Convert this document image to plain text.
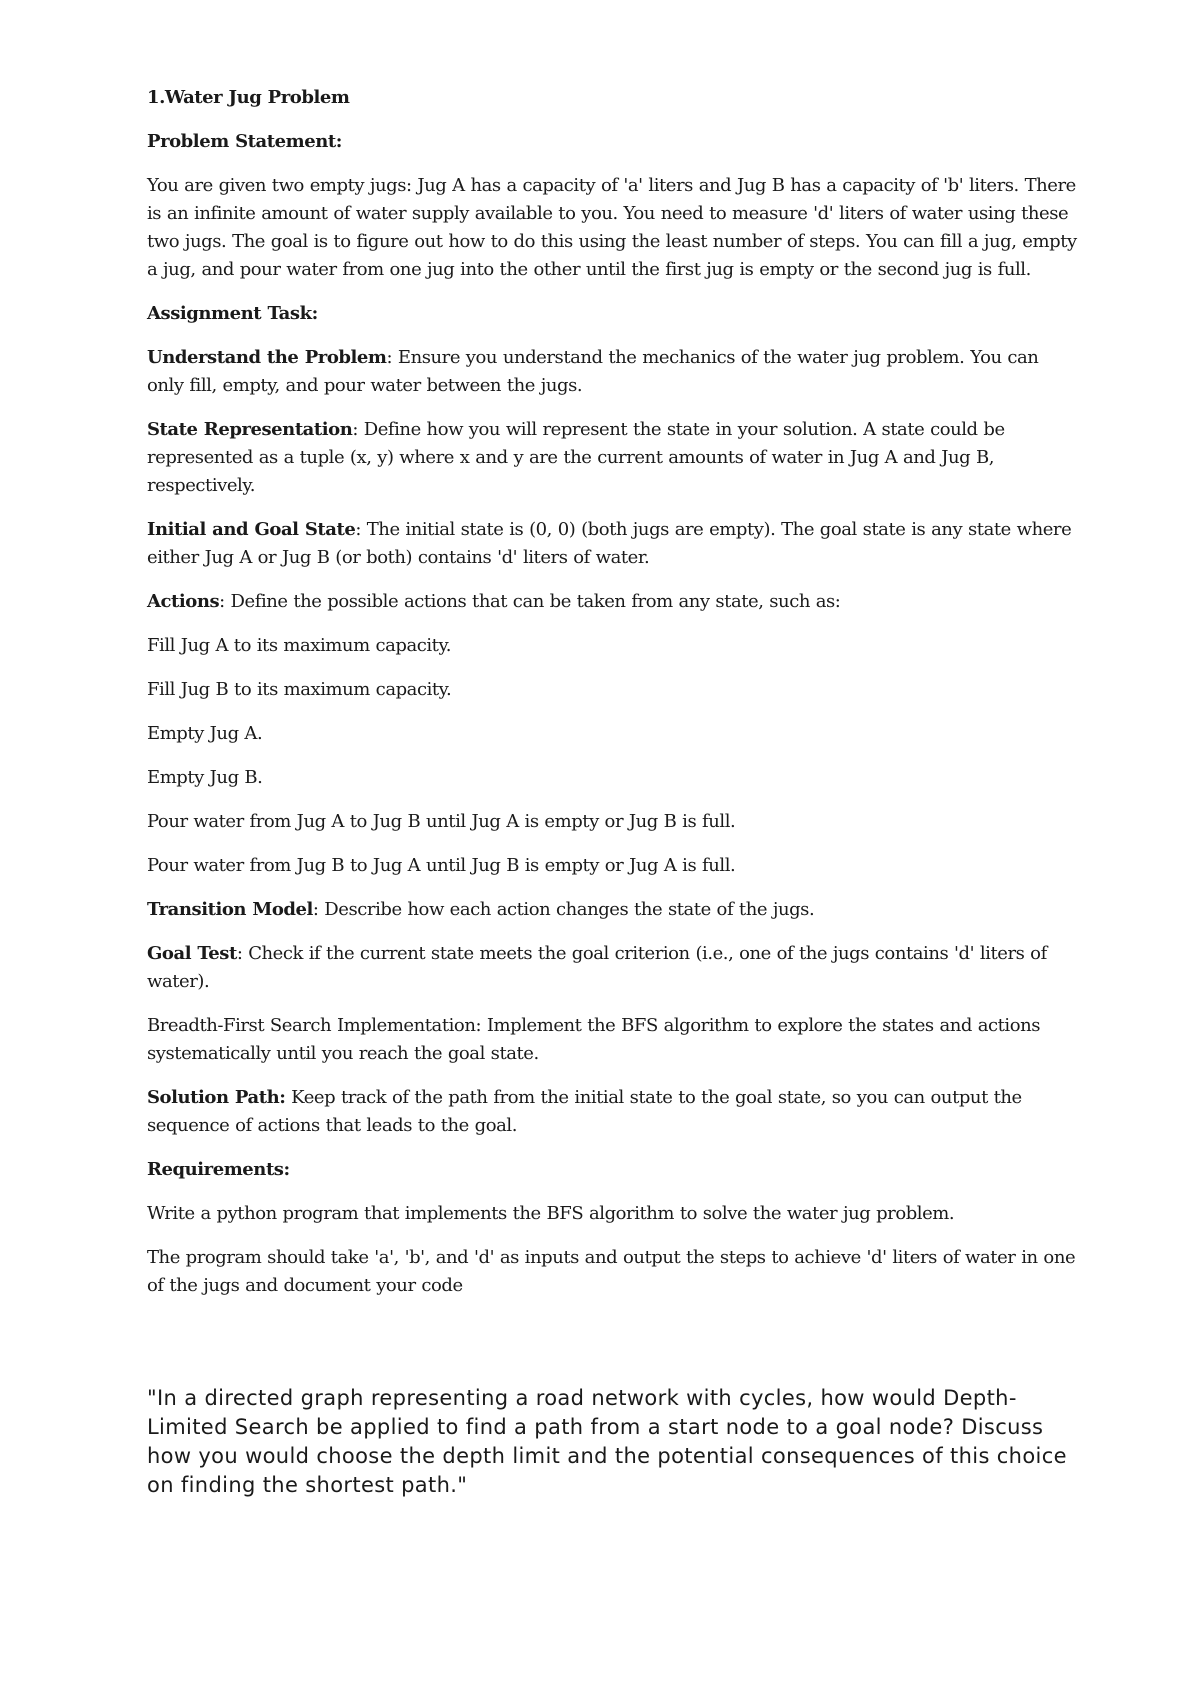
1.Water Jug Problem

Problem Statement:

You are given two empty jugs: Jug A has a capacity of 'a' liters and Jug B has a capacity of 'b' liters. There is an infinite amount of water supply available to you. You need to measure 'd' liters of water using these two jugs. The goal is to figure out how to do this using the least number of steps. You can fill a jug, empty a jug, and pour water from one jug into the other until the first jug is empty or the second jug is full.

Assignment Task:

Understand the Problem: Ensure you understand the mechanics of the water jug problem. You can only fill, empty, and pour water between the jugs.

State Representation: Define how you will represent the state in your solution. A state could be represented as a tuple (x, y) where x and y are the current amounts of water in Jug A and Jug B, respectively.

Initial and Goal State: The initial state is (0, 0) (both jugs are empty). The goal state is any state where either Jug A or Jug B (or both) contains 'd' liters of water.

Actions: Define the possible actions that can be taken from any state, such as:

Fill Jug A to its maximum capacity.

Fill Jug B to its maximum capacity.

Empty Jug A.

Empty Jug B.

Pour water from Jug A to Jug B until Jug A is empty or Jug B is full.

Pour water from Jug B to Jug A until Jug B is empty or Jug A is full.

Transition Model: Describe how each action changes the state of the jugs.

Goal Test: Check if the current state meets the goal criterion (i.e., one of the jugs contains 'd' liters of water).

Breadth-First Search Implementation: Implement the BFS algorithm to explore the states and actions systematically until you reach the goal state.

Solution Path: Keep track of the path from the initial state to the goal state, so you can output the sequence of actions that leads to the goal.

Requirements:

Write a python program that implements the BFS algorithm to solve the water jug problem.

The program should take 'a', 'b', and 'd' as inputs and output the steps to achieve 'd' liters of water in one of the jugs and document your code

"In a directed graph representing a road network with cycles, how would Depth-Limited Search be applied to find a path from a start node to a goal node? Discuss how you would choose the depth limit and the potential consequences of this choice on finding the shortest path."
